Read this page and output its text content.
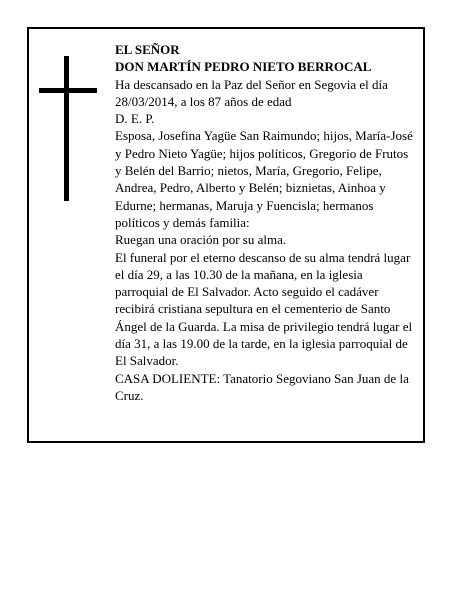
EL SEÑOR

DON MARTÍN PEDRO NIETO BERROCAL

Ha descansado en la Paz del Señor en Segovia el día 28/03/2014, a los 87 años de edad

D. E. P.

Esposa, Josefina Yagüe San Raimundo; hijos, María-José y Pedro Nieto Yagüe; hijos políticos, Gregorio de Frutos y Belén del Barrio; nietos, María, Gregorio, Felipe, Andrea, Pedro, Alberto y Belén; biznietas, Ainhoa y Edurne; hermanas, Maruja y Fuencisla; hermanos políticos y demás familia:

Ruegan una oración por su alma.

El funeral por el eterno descanso de su alma tendrá lugar el día 29, a las 10.30 de la mañana, en la iglesia parroquial de El Salvador. Acto seguido el cadáver recibirá cristiana sepultura en el cementerio de Santo Ángel de la Guarda. La misa de privilegio tendrá lugar el día 31, a las 19.00 de la tarde, en la iglesia parroquial de El Salvador.

CASA DOLIENTE: Tanatorio Segoviano San Juan de la Cruz.
